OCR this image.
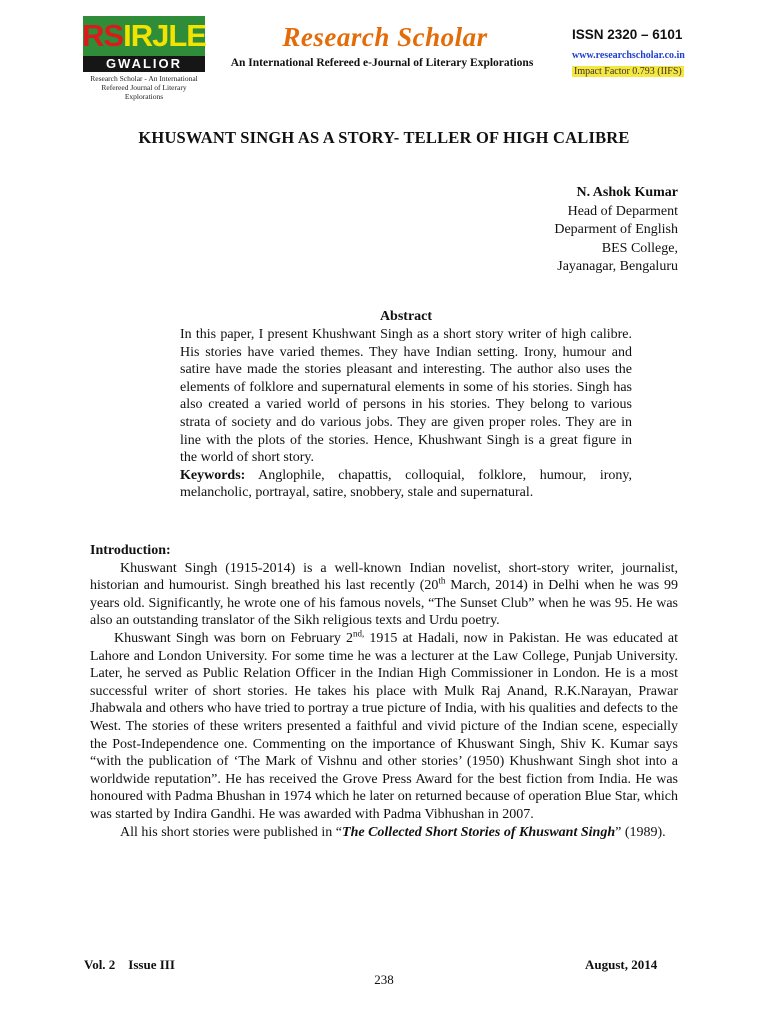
RS IRJLE
GWALIOR
Research Scholar - An International
Refereed Journal of Literary Explorations
Research Scholar
An International Refereed e-Journal of Literary Explorations
ISSN 2320 – 6101
www.researchscholar.co.in
Impact Factor 0.793 (IIFS)
KHUSWANT SINGH AS A STORY- TELLER OF HIGH CALIBRE
N. Ashok Kumar
Head of Deparment
Deparment of English
BES College,
Jayanagar, Bengaluru
Abstract

In this paper, I present Khushwant Singh as a short story writer of high calibre. His stories have varied themes. They have Indian setting. Irony, humour and satire have made the stories pleasant and interesting. The author also uses the elements of folklore and supernatural elements in some of his stories. Singh has also created a varied world of persons in his stories. They belong to various strata of society and do various jobs. They are given proper roles. They are in line with the plots of the stories. Hence, Khushwant Singh is a great figure in the world of short story.

Keywords: Anglophile, chapattis, colloquial, folklore, humour, irony, melancholic, portrayal, satire, snobbery, stale and supernatural.

Introduction:

Khuswant Singh (1915-2014) is a well-known Indian novelist, short-story writer, journalist, historian and humourist. Singh breathed his last recently (20th March, 2014) in Delhi when he was 99 years old. Significantly, he wrote one of his famous novels, “The Sunset Club” when he was 95. He was also an outstanding translator of the Sikh religious texts and Urdu poetry.

Khuswant Singh was born on February $2^{nd,}$ 1915 at Hadali, now in Pakistan. He was educated at Lahore and London University. For some time he was a lecturer at the Law College, Punjab University. Later, he served as Public Relation Officer in the Indian High Commissioner in London. He is a most successful writer of short stories. He takes his place with Mulk Raj Anand, R.K.Narayan, Prawar Jhabwala and others who have tried to portray a true picture of India, with his qualities and defects to the West. The stories of these writers presented a faithful and vivid picture of the Indian scene, especially the Post-Independence one. Commenting on the importance of Khuswant Singh, Shiv K. Kumar says “with the publication of ‘The Mark of Vishnu and other stories’ (1950) Khushwant Singh shot into a worldwide reputation”. He has received the Grove Press Award for the best fiction from India. He was honoured with Padma Bhushan in 1974 which he later on returned because of operation Blue Star, which was started by Indira Gandhi. He was awarded with Padma Vibhushan in 2007.

All his short stories were published in “The Collected Short Stories of Khuswant Singh” (1989).

Vol. 2    Issue III	August, 2014
238
